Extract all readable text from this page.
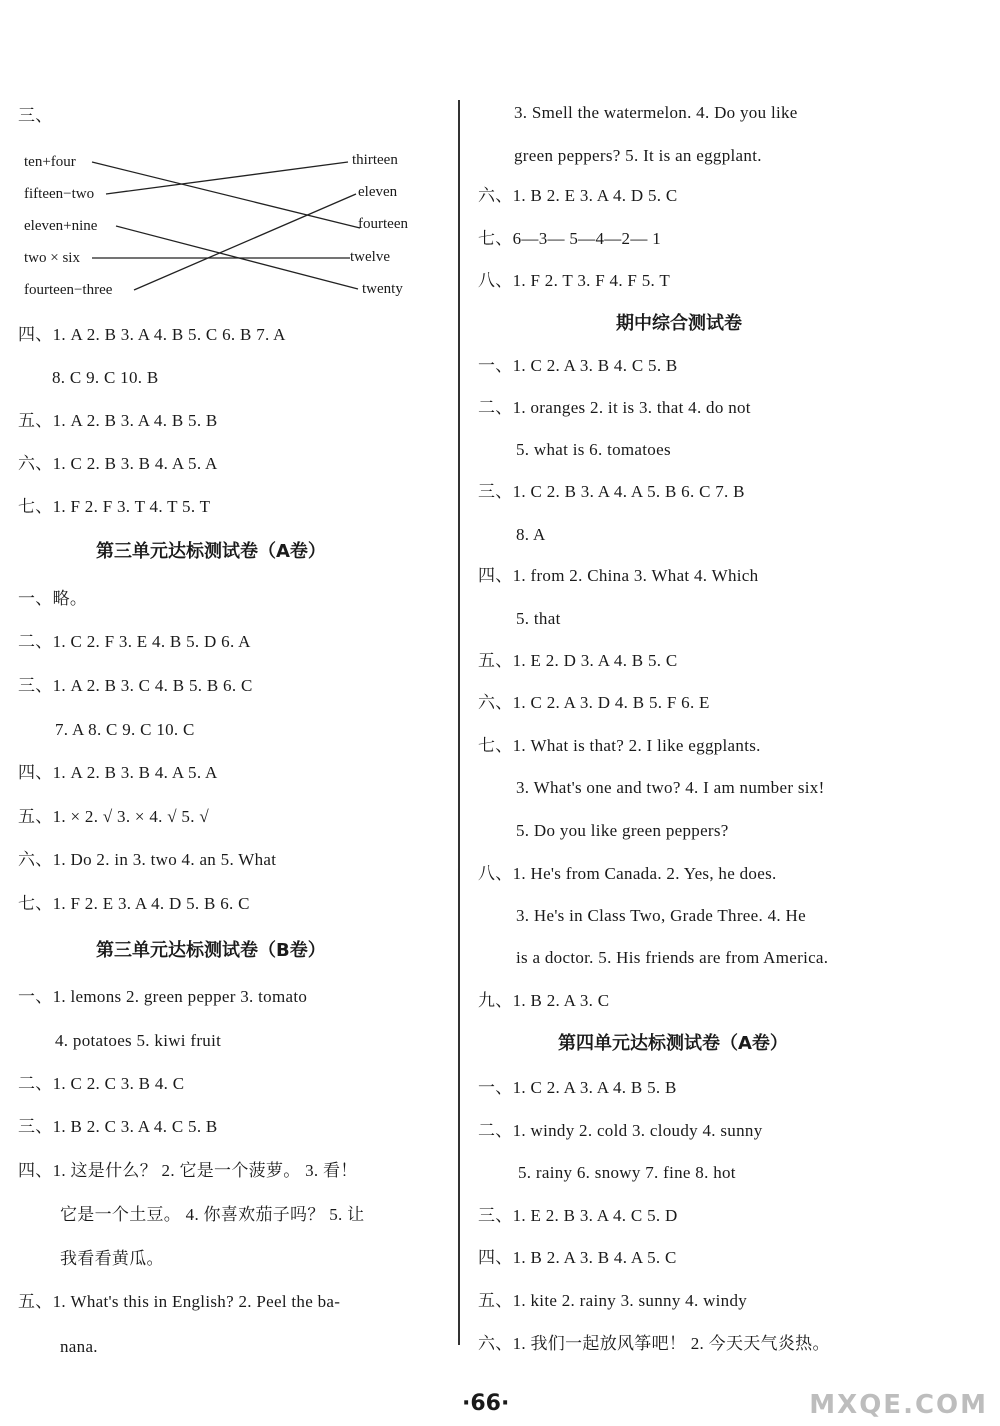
三、
ten+four
fifteen−two
eleven+nine
two × six
fourteen−three
thirteen
eleven
fourteen
twelve
twenty
四、1. A 2. B 3. A 4. B 5. C 6. B 7. A
8. C 9. C 10. B
五、1. A 2. B 3. A 4. B 5. B
六、1. C 2. B 3. B 4. A 5. A
七、1. F 2. F 3. T 4. T 5. T
第三单元达标测试卷（A卷）
一、略。
二、1. C 2. F 3. E 4. B 5. D 6. A
三、1. A 2. B 3. C 4. B 5. B 6. C
7. A 8. C 9. C 10. C
四、1. A 2. B 3. B 4. A 5. A
五、1. × 2. √ 3. × 4. √ 5. √
六、1. Do 2. in 3. two 4. an 5. What
七、1. F 2. E 3. A 4. D 5. B 6. C
第三单元达标测试卷（B卷）
一、1. lemons 2. green pepper 3. tomato
4. potatoes 5. kiwi fruit
二、1. C 2. C 3. B 4. C
三、1. B 2. C 3. A 4. C 5. B
四、1. 这是什么？ 2. 它是一个菠萝。 3. 看！
它是一个土豆。 4. 你喜欢茄子吗？ 5. 让
我看看黄瓜。
五、1. What's this in English? 2. Peel the ba-
nana.
3. Smell the watermelon. 4. Do you like
green peppers? 5. It is an eggplant.
六、1. B 2. E 3. A 4. D 5. C
七、6—3— 5—4—2— 1
八、1. F 2. T 3. F 4. F 5. T
期中综合测试卷
一、1. C 2. A 3. B 4. C 5. B
二、1. oranges 2. it is 3. that 4. do not
5. what is 6. tomatoes
三、1. C 2. B 3. A 4. A 5. B 6. C 7. B
8. A
四、1. from 2. China 3. What 4. Which
5. that
五、1. E 2. D 3. A 4. B 5. C
六、1. C 2. A 3. D 4. B 5. F 6. E
七、1. What is that? 2. I like eggplants.
3. What's one and two? 4. I am number six!
5. Do you like green peppers?
八、1. He's from Canada. 2. Yes, he does.
3. He's in Class Two, Grade Three. 4. He
is a doctor. 5. His friends are from America.
九、1. B 2. A 3. C
第四单元达标测试卷（A卷）
一、1. C 2. A 3. A 4. B 5. B
二、1. windy 2. cold 3. cloudy 4. sunny
5. rainy 6. snowy 7. fine 8. hot
三、1. E 2. B 3. A 4. C 5. D
四、1. B 2. A 3. B 4. A 5. C
五、1. kite 2. rainy 3. sunny 4. windy
六、1. 我们一起放风筝吧！ 2. 今天天气炎热。
·66·	MXQE.COM
